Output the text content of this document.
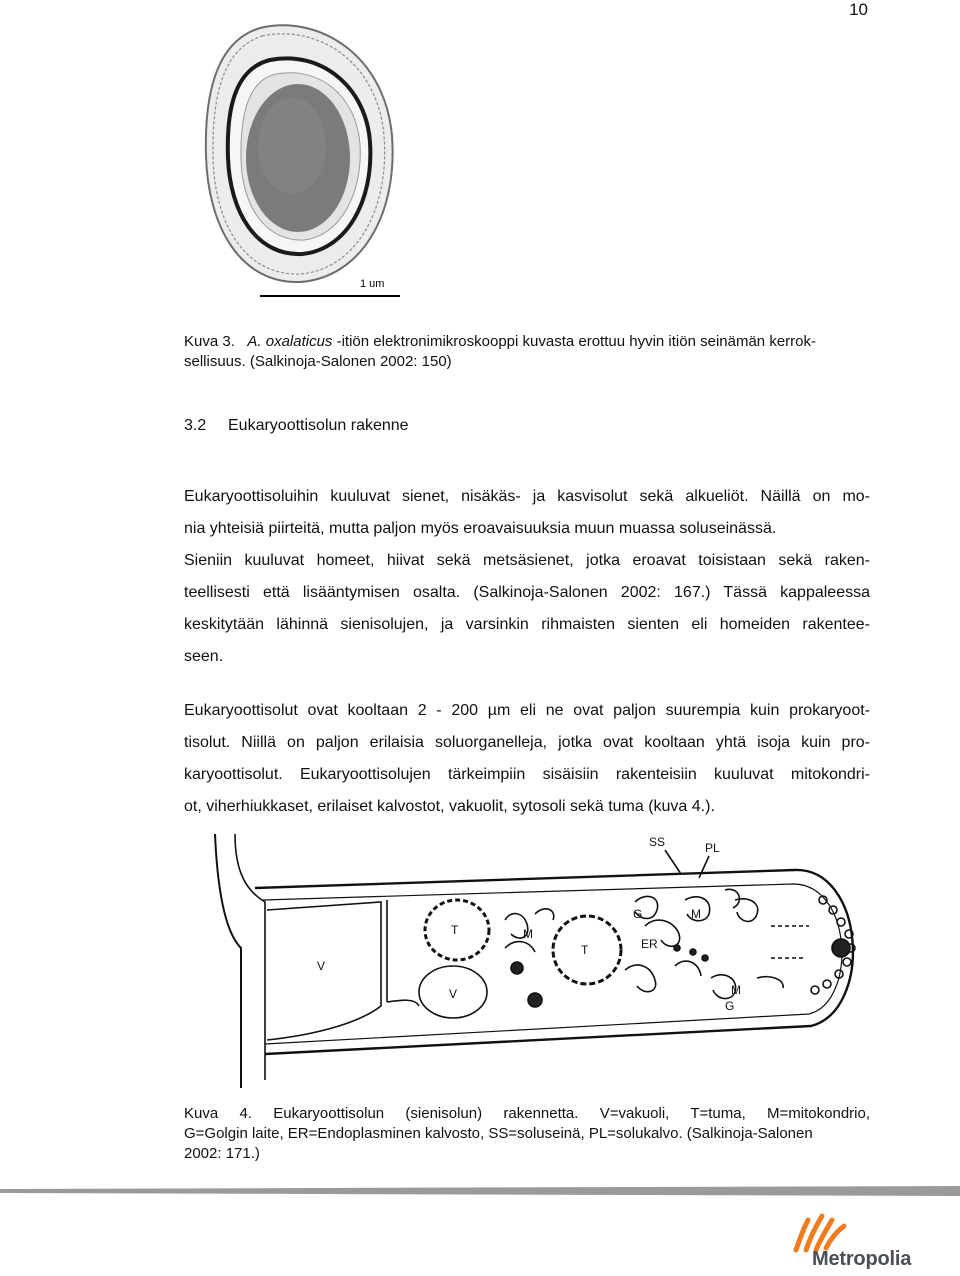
10
1 um
Kuva 3. A. oxalaticus -itiön elektronimikroskooppi kuvasta erottuu hyvin itiön seinämän kerrok-
sellisuus. (Salkinoja-Salonen 2002: 150)
3.2 Eukaryoottisolun rakenne

Eukaryoottisoluihin kuuluvat sienet, nisäkäs- ja kasvisolut sekä alkueliöt. Näillä on mo-
nia yhteisiä piirteitä, mutta paljon myös eroavaisuuksia muun muassa soluseinässä.
Sieniin kuuluvat homeet, hiivat sekä metsäsienet, jotka eroavat toisistaan sekä raken-
teellisesti että lisääntymisen osalta. (Salkinoja-Salonen 2002: 167.) Tässä kappaleessa
keskitytään lähinnä sienisolujen, ja varsinkin rihmaisten sienten eli homeiden rakentee-
seen.

Eukaryoottisolut ovat kooltaan 2 - 200 µm eli ne ovat paljon suurempia kuin prokaryoot-
tisolut. Niillä on paljon erilaisia soluorganelleja, jotka ovat kooltaan yhtä isoja kuin pro-
karyoottisolut. Eukaryoottisolujen tärkeimpiin sisäisiin rakenteisiin kuuluvat mitokondri-
ot, viherhiukkaset, erilaiset kalvostot, vakuolit, sytosoli sekä tuma (kuva 4.).

SS	PL
V
V
T
T
M
M
M
G
G
ER
Kuva 4. Eukaryoottisolun (sienisolun) rakennetta. V=vakuoli, T=tuma, M=mitokondrio,
G=Golgin laite, ER=Endoplasminen kalvosto, SS=soluseinä, PL=solukalvo. (Salkinoja-Salonen
2002: 171.)
Metropolia
